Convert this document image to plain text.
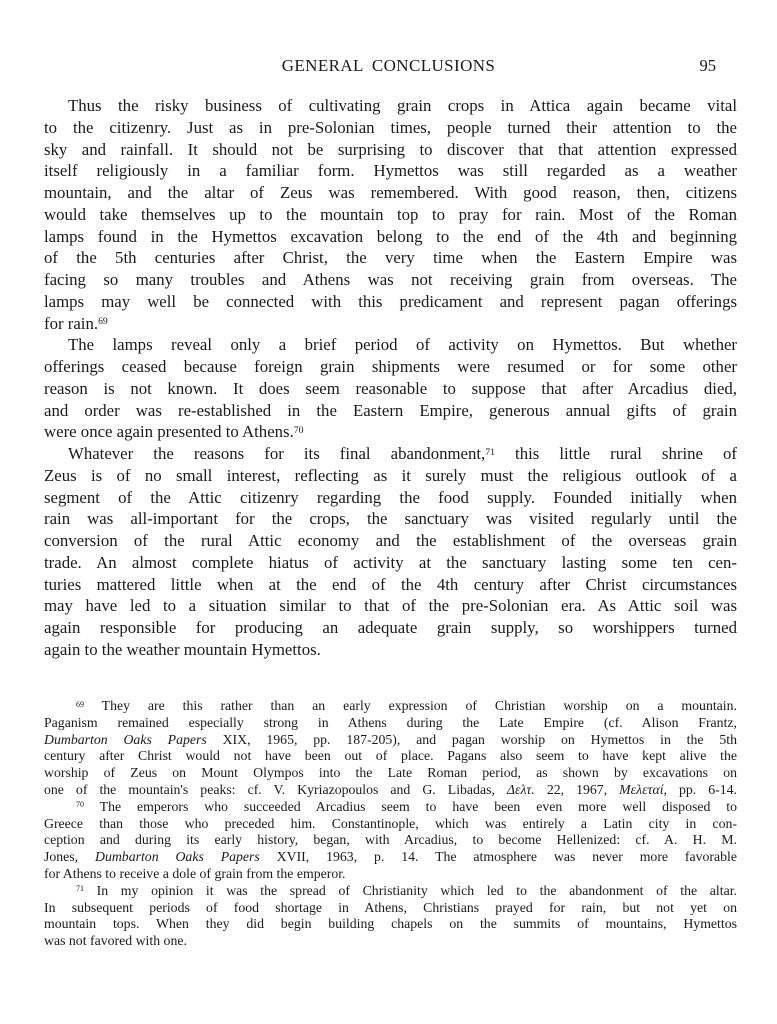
GENERAL CONCLUSIONS	95
Thus the risky business of cultivating grain crops in Attica again became vital
to the citizenry. Just as in pre-Solonian times, people turned their attention to the
sky and rainfall. It should not be surprising to discover that that attention expressed
itself religiously in a familiar form. Hymettos was still regarded as a weather
mountain, and the altar of Zeus was remembered. With good reason, then, citizens
would take themselves up to the mountain top to pray for rain. Most of the Roman
lamps found in the Hymettos excavation belong to the end of the 4th and beginning
of the 5th centuries after Christ, the very time when the Eastern Empire was
facing so many troubles and Athens was not receiving grain from overseas. The
lamps may well be connected with this predicament and represent pagan offerings
for rain.$^{69}$
The lamps reveal only a brief period of activity on Hymettos. But whether
offerings ceased because foreign grain shipments were resumed or for some other
reason is not known. It does seem reasonable to suppose that after Arcadius died,
and order was re-established in the Eastern Empire, generous annual gifts of grain
were once again presented to Athens.$^{70}$
Whatever the reasons for its final abandonment,$^{71}$ this little rural shrine of
Zeus is of no small interest, reflecting as it surely must the religious outlook of a
segment of the Attic citizenry regarding the food supply. Founded initially when
rain was all-important for the crops, the sanctuary was visited regularly until the
conversion of the rural Attic economy and the establishment of the overseas grain
trade. An almost complete hiatus of activity at the sanctuary lasting some ten cen-
turies mattered little when at the end of the 4th century after Christ circumstances
may have led to a situation similar to that of the pre-Solonian era. As Attic soil was
again responsible for producing an adequate grain supply, so worshippers turned
again to the weather mountain Hymettos.
$^{69}$ They are this rather than an early expression of Christian worship on a mountain.
Paganism remained especially strong in Athens during the Late Empire (cf. Alison Frantz,
Dumbarton Oaks Papers XIX, 1965, pp. 187-205), and pagan worship on Hymettos in the 5th
century after Christ would not have been out of place. Pagans also seem to have kept alive the
worship of Zeus on Mount Olympos into the Late Roman period, as shown by excavations on
one of the mountain's peaks: cf. V. Kyriazopoulos and G. Libadas, Δελτ. 22, 1967, Μελεταί, pp. 6-14.
$^{70}$ The emperors who succeeded Arcadius seem to have been even more well disposed to
Greece than those who preceded him. Constantinople, which was entirely a Latin city in con-
ception and during its early history, began, with Arcadius, to become Hellenized: cf. A. H. M.
Jones, Dumbarton Oaks Papers XVII, 1963, p. 14. The atmosphere was never more favorable
for Athens to receive a dole of grain from the emperor.
$^{71}$ In my opinion it was the spread of Christianity which led to the abandonment of the altar.
In subsequent periods of food shortage in Athens, Christians prayed for rain, but not yet on
mountain tops. When they did begin building chapels on the summits of mountains, Hymettos
was not favored with one.
